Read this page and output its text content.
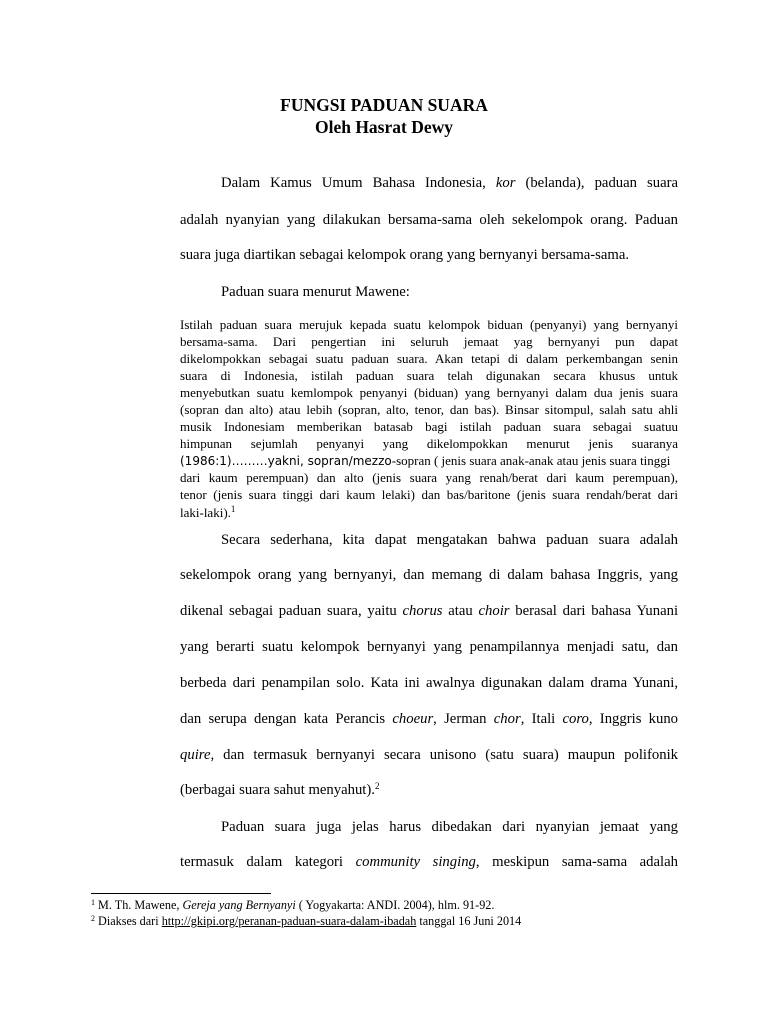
FUNGSI PADUAN SUARA
Oleh Hasrat Dewy
Dalam Kamus Umum Bahasa Indonesia, kor (belanda), paduan suara
adalah nyanyian yang dilakukan bersama-sama oleh sekelompok orang. Paduan
suara juga diartikan sebagai kelompok orang yang bernyanyi bersama-sama.
Paduan suara menurut Mawene:
Istilah paduan suara merujuk kepada suatu kelompok biduan (penyanyi) yang bernyanyi
bersama-sama. Dari pengertian ini seluruh jemaat yag bernyanyi pun dapat
dikelompokkan sebagai suatu paduan suara. Akan tetapi di dalam perkembangan senin
suara di Indonesia, istilah paduan suara telah digunakan secara khusus untuk
menyebutkan suatu kemlompok penyanyi (biduan) yang bernyanyi dalam dua jenis suara
(sopran dan alto) atau lebih (sopran, alto, tenor, dan bas). Binsar sitompul, salah satu ahli
musik Indonesiam memberikan batasab bagi istilah paduan suara sebagai suatuu
himpunan sejumlah penyanyi yang dikelompokkan menurut jenis suaranya
(1986:1)………yakni, sopran/mezzo-sopran ( jenis suara anak-anak atau jenis suara tinggi
dari kaum perempuan) dan alto (jenis suara yang renah/berat dari kaum perempuan),
tenor (jenis suara tinggi dari kaum lelaki) dan bas/baritone (jenis suara rendah/berat dari
laki-laki).$^1$
Secara sederhana, kita dapat mengatakan bahwa paduan suara adalah
sekelompok orang yang bernyanyi, dan memang di dalam bahasa Inggris, yang
dikenal sebagai paduan suara, yaitu chorus atau choir berasal dari bahasa Yunani
yang berarti suatu kelompok bernyanyi yang penampilannya menjadi satu, dan
berbeda dari penampilan solo. Kata ini awalnya digunakan dalam drama Yunani,
dan serupa dengan kata Perancis choeur, Jerman chor, Itali coro, Inggris kuno
quire, dan termasuk bernyanyi secara unisono (satu suara) maupun polifonik
(berbagai suara sahut menyahut).$^2$
Paduan suara juga jelas harus dibedakan dari nyanyian jemaat yang
termasuk dalam kategori community singing, meskipun sama-sama adalah
$^1$ M. Th. Mawene, Gereja yang Bernyanyi ( Yogyakarta: ANDI. 2004), hlm. 91-92.
$^2$ Diakses dari http://gkipi.org/peranan-paduan-suara-dalam-ibadah tanggal 16 Juni 2014
